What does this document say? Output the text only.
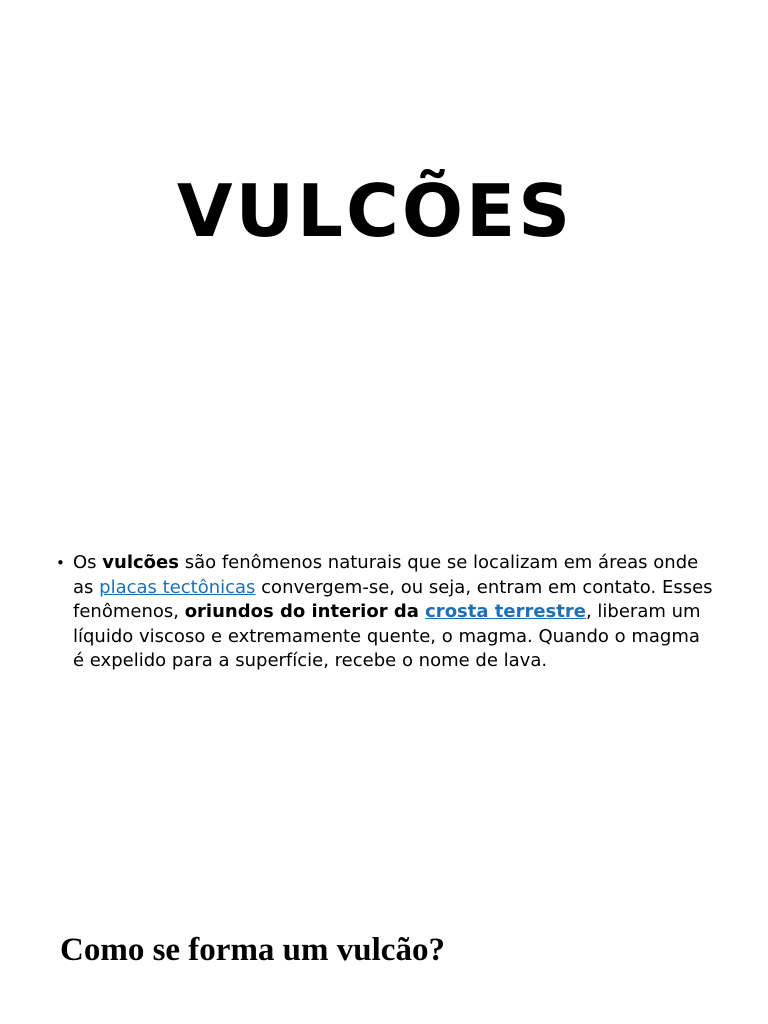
VULCÕES
• Os vulcões são fenômenos naturais que se localizam em áreas onde as placas tectônicas convergem-se, ou seja, entram em contato. Esses fenômenos, oriundos do interior da crosta terrestre, liberam um líquido viscoso e extremamente quente, o magma. Quando o magma é expelido para a superfície, recebe o nome de lava.
Como se forma um vulcão?
